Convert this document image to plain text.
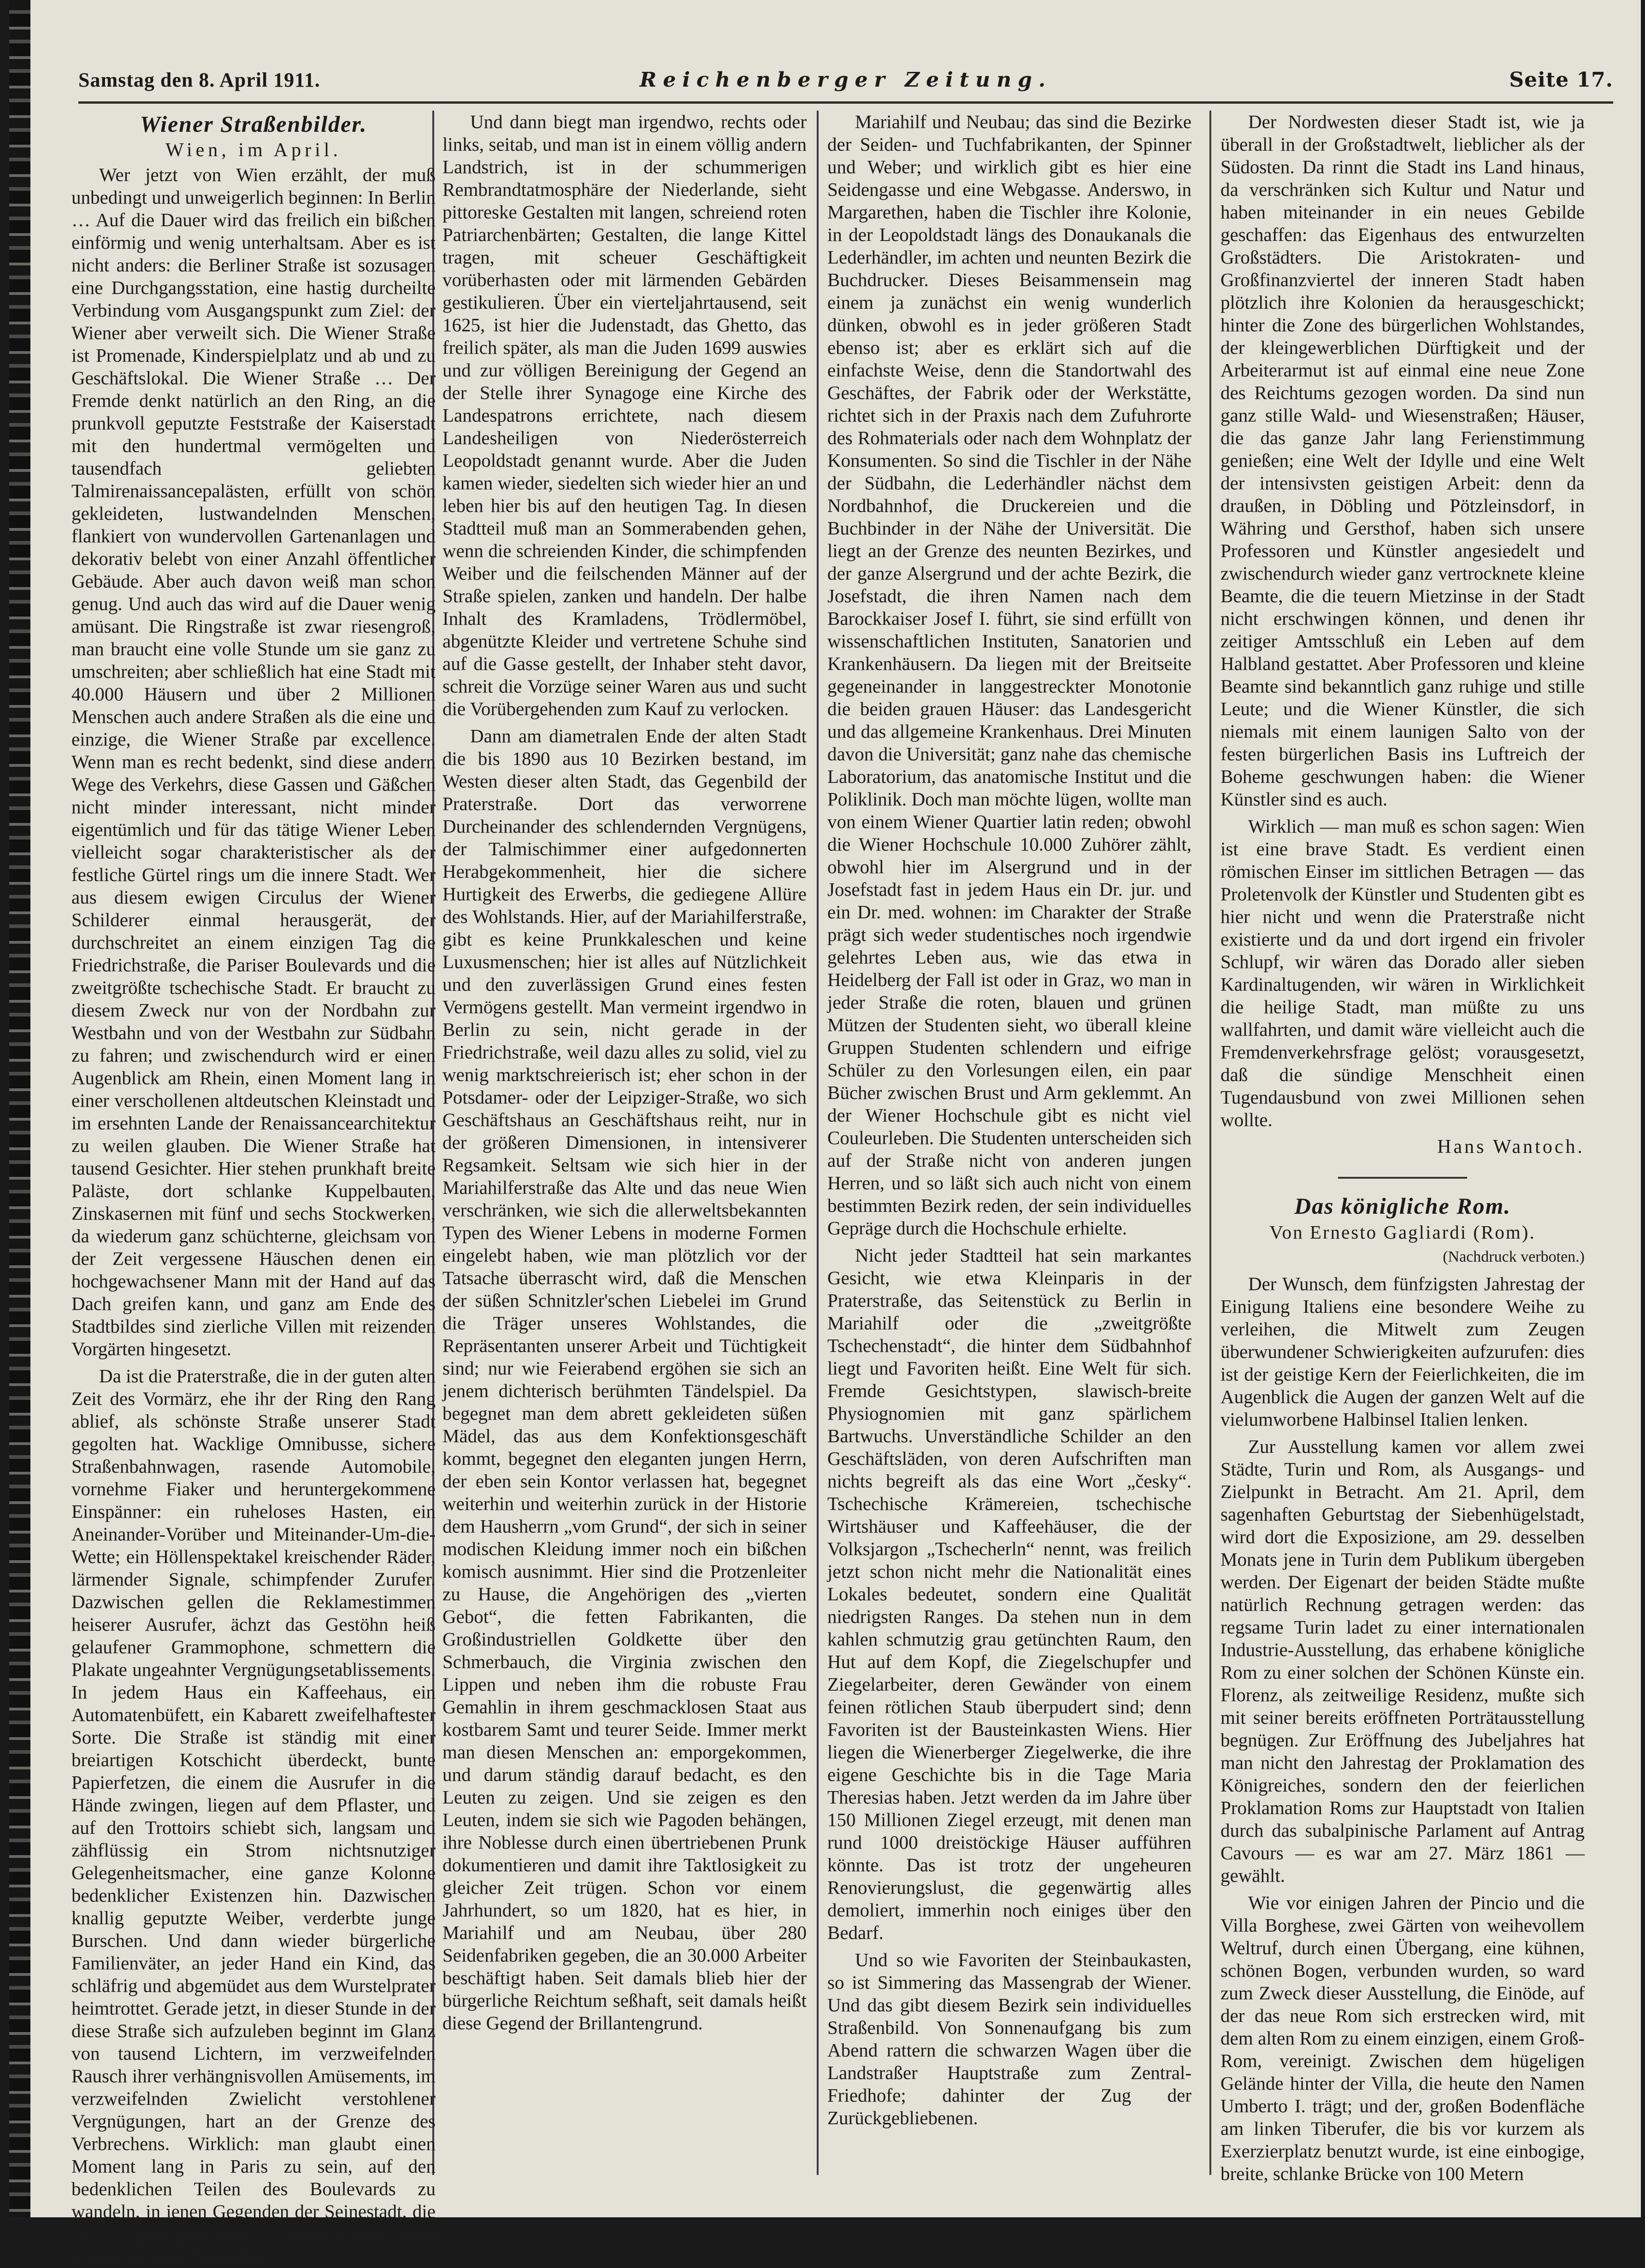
Samstag den 8. April 1911.	Reichenberger Zeitung.	Seite 17.
Wiener Straßenbilder.
Wien, im April.

Wer jetzt von Wien erzählt, der muß unbedingt und unweigerlich beginnen: In Berlin … Auf die Dauer wird das freilich ein bißchen einförmig und wenig unterhaltsam. Aber es ist nicht anders: die Berliner Straße ist sozusagen eine Durchgangsstation, eine hastig durcheilte Verbindung vom Ausgangspunkt zum Ziel: der Wiener aber verweilt sich. Die Wiener Straße ist Promenade, Kinderspielplatz und ab und zu Geschäftslokal. Die Wiener Straße … Der Fremde denkt natürlich an den Ring, an die prunkvoll geputzte Feststraße der Kaiserstadt mit den hundertmal vermögelten und tausendfach geliebten Talmirenaissancepalästen, erfüllt von schön gekleideten, lustwandelnden Menschen, flankiert von wundervollen Gartenanlagen und dekorativ belebt von einer Anzahl öffentlicher Gebäude. Aber auch davon weiß man schon genug. Und auch das wird auf die Dauer wenig amüsant. Die Ringstraße ist zwar riesengroß, man braucht eine volle Stunde um sie ganz zu umschreiten; aber schließlich hat eine Stadt mit 40.000 Häusern und über 2 Millionen Menschen auch andere Straßen als die eine und einzige, die Wiener Straße par excellence. Wenn man es recht bedenkt, sind diese andern Wege des Verkehrs, diese Gassen und Gäßchen nicht minder interessant, nicht minder eigentümlich und für das tätige Wiener Leben vielleicht sogar charakteristischer als der festliche Gürtel rings um die innere Stadt. Wer aus diesem ewigen Circulus der Wiener Schilderer einmal herausgerät, der durchschreitet an einem einzigen Tag die Friedrichstraße, die Pariser Boulevards und die zweitgrößte tschechische Stadt. Er braucht zu diesem Zweck nur von der Nordbahn zur Westbahn und von der Westbahn zur Südbahn zu fahren; und zwischendurch wird er einen Augenblick am Rhein, einen Moment lang in einer verschollenen altdeutschen Kleinstadt und im ersehnten Lande der Renaissancearchitektur zu weilen glauben. Die Wiener Straße hat tausend Gesichter. Hier stehen prunkhaft breite Paläste, dort schlanke Kuppelbauten, Zinskasernen mit fünf und sechs Stockwerken, da wiederum ganz schüchterne, gleichsam von der Zeit vergessene Häuschen denen ein hochgewachsener Mann mit der Hand auf das Dach greifen kann, und ganz am Ende des Stadtbildes sind zierliche Villen mit reizenden Vorgärten hingesetzt.

Da ist die Praterstraße, die in der guten alten Zeit des Vormärz, ehe ihr der Ring den Rang ablief, als schönste Straße unserer Stadt gegolten hat. Wacklige Omnibusse, sichere Straßenbahnwagen, rasende Automobile, vornehme Fiaker und heruntergekommene Einspänner: ein ruheloses Hasten, ein Aneinander-Vorüber und Miteinander-Um-die-Wette; ein Höllenspektakel kreischender Räder, lärmender Signale, schimpfender Zurufer. Dazwischen gellen die Reklamestimmen heiserer Ausrufer, ächzt das Gestöhn heiß gelaufener Grammophone, schmettern die Plakate ungeahnter Vergnügungsetablissements. In jedem Haus ein Kaffeehaus, ein Automatenbüfett, ein Kabarett zweifelhaftester Sorte. Die Straße ist ständig mit einer breiartigen Kotschicht überdeckt, bunte Papierfetzen, die einem die Ausrufer in die Hände zwingen, liegen auf dem Pflaster, und auf den Trottoirs schiebt sich, langsam und zähflüssig ein Strom nichtsnutziger Gelegenheitsmacher, eine ganze Kolonne bedenklicher Existenzen hin. Dazwischen knallig geputzte Weiber, verderbte junge Burschen. Und dann wieder bürgerliche Familienväter, an jeder Hand ein Kind, das schläfrig und abgemüdet aus dem Wurstelprater heimtrottet. Gerade jetzt, in dieser Stunde in der diese Straße sich aufzuleben beginnt im Glanz von tausend Lichtern, im verzweifelnden Rausch ihrer verhängnisvollen Amüsements, im verzweifelnden Zwielicht verstohlener Vergnügungen, hart an der Grenze des Verbrechens. Wirklich: man glaubt einen Moment lang in Paris zu sein, auf den bedenklichen Teilen des Boulevards zu wandeln, in jenen Gegenden der Seinestadt, die sie — pars pro toto — immer noch zum Schreckgespenst machten.

Und dann biegt man irgendwo, rechts oder links, seitab, und man ist in einem völlig andern Landstrich, ist in der schummerigen Rembrandtatmosphäre der Niederlande, sieht pittoreske Gestalten mit langen, schreiend roten Patriarchenbärten; Gestalten, die lange Kittel tragen, mit scheuer Geschäftigkeit vorüberhasten oder mit lärmenden Gebärden gestikulieren. Über ein vierteljahrtausend, seit 1625, ist hier die Judenstadt, das Ghetto, das freilich später, als man die Juden 1699 auswies und zur völligen Bereinigung der Gegend an der Stelle ihrer Synagoge eine Kirche des Landespatrons errichtete, nach diesem Landesheiligen von Niederösterreich Leopoldstadt genannt wurde. Aber die Juden kamen wieder, siedelten sich wieder hier an und leben hier bis auf den heutigen Tag. In diesen Stadtteil muß man an Sommerabenden gehen, wenn die schreienden Kinder, die schimpfenden Weiber und die feilschenden Männer auf der Straße spielen, zanken und handeln. Der halbe Inhalt des Kramladens, Trödlermöbel, abgenützte Kleider und vertretene Schuhe sind auf die Gasse gestellt, der Inhaber steht davor, schreit die Vorzüge seiner Waren aus und sucht die Vorübergehenden zum Kauf zu verlocken.

Dann am diametralen Ende der alten Stadt die bis 1890 aus 10 Bezirken bestand, im Westen dieser alten Stadt, das Gegenbild der Praterstraße. Dort das verworrene Durcheinander des schlendernden Vergnügens, der Talmischimmer einer aufgedonnerten Herabgekommenheit, hier die sichere Hurtigkeit des Erwerbs, die gediegene Allüre des Wohlstands. Hier, auf der Mariahilferstraße, gibt es keine Prunkkaleschen und keine Luxusmenschen; hier ist alles auf Nützlichkeit und den zuverlässigen Grund eines festen Vermögens gestellt. Man vermeint irgendwo in Berlin zu sein, nicht gerade in der Friedrichstraße, weil dazu alles zu solid, viel zu wenig marktschreierisch ist; eher schon in der Potsdamer- oder der Leipziger-Straße, wo sich Geschäftshaus an Geschäftshaus reiht, nur in der größeren Dimensionen, in intensiverer Regsamkeit. Seltsam wie sich hier in der Mariahilferstraße das Alte und das neue Wien verschränken, wie sich die allerweltsbekannten Typen des Wiener Lebens in moderne Formen eingelebt haben, wie man plötzlich vor der Tatsache überrascht wird, daß die Menschen der süßen Schnitzler'schen Liebelei im Grund die Träger unseres Wohlstandes, die Repräsentanten unserer Arbeit und Tüchtigkeit sind; nur wie Feierabend ergöhen sie sich an jenem dichterisch berühmten Tändelspiel. Da begegnet man dem abrett gekleideten süßen Mädel, das aus dem Konfektionsgeschäft kommt, begegnet den eleganten jungen Herrn, der eben sein Kontor verlassen hat, begegnet weiterhin und weiterhin zurück in der Historie dem Hausherrn „vom Grund“, der sich in seiner modischen Kleidung immer noch ein bißchen komisch ausnimmt. Hier sind die Protzenleiter zu Hause, die Angehörigen des „vierten Gebot“, die fetten Fabrikanten, die Großindustriellen Goldkette über den Schmerbauch, die Virginia zwischen den Lippen und neben ihm die robuste Frau Gemahlin in ihrem geschmacklosen Staat aus kostbarem Samt und teurer Seide. Immer merkt man diesen Menschen an: emporgekommen, und darum ständig darauf bedacht, es den Leuten zu zeigen. Und sie zeigen es den Leuten, indem sie sich wie Pagoden behängen, ihre Noblesse durch einen übertriebenen Prunk dokumentieren und damit ihre Taktlosigkeit zu gleicher Zeit trügen. Schon vor einem Jahrhundert, so um 1820, hat es hier, in Mariahilf und am Neubau, über 280 Seidenfabriken gegeben, die an 30.000 Arbeiter beschäftigt haben. Seit damals blieb hier der bürgerliche Reichtum seßhaft, seit damals heißt diese Gegend der Brillantengrund.

Mariahilf und Neubau; das sind die Bezirke der Seiden- und Tuchfabrikanten, der Spinner und Weber; und wirklich gibt es hier eine Seidengasse und eine Webgasse. Anderswo, in Margarethen, haben die Tischler ihre Kolonie, in der Leopoldstadt längs des Donaukanals die Lederhändler, im achten und neunten Bezirk die Buchdrucker. Dieses Beisammensein mag einem ja zunächst ein wenig wunderlich dünken, obwohl es in jeder größeren Stadt ebenso ist; aber es erklärt sich auf die einfachste Weise, denn die Standortwahl des Geschäftes, der Fabrik oder der Werkstätte, richtet sich in der Praxis nach dem Zufuhrorte des Rohmaterials oder nach dem Wohnplatz der Konsumenten. So sind die Tischler in der Nähe der Südbahn, die Lederhändler nächst dem Nordbahnhof, die Druckereien und die Buchbinder in der Nähe der Universität. Die liegt an der Grenze des neunten Bezirkes, und der ganze Alsergrund und der achte Bezirk, die Josefstadt, die ihren Namen nach dem Barockkaiser Josef I. führt, sie sind erfüllt von wissenschaftlichen Instituten, Sanatorien und Krankenhäusern. Da liegen mit der Breitseite gegeneinander in langgestreckter Monotonie die beiden grauen Häuser: das Landesgericht und das allgemeine Krankenhaus. Drei Minuten davon die Universität; ganz nahe das chemische Laboratorium, das anatomische Institut und die Poliklinik. Doch man möchte lügen, wollte man von einem Wiener Quartier latin reden; obwohl die Wiener Hochschule 10.000 Zuhörer zählt, obwohl hier im Alsergrund und in der Josefstadt fast in jedem Haus ein Dr. jur. und ein Dr. med. wohnen: im Charakter der Straße prägt sich weder studentisches noch irgendwie gelehrtes Leben aus, wie das etwa in Heidelberg der Fall ist oder in Graz, wo man in jeder Straße die roten, blauen und grünen Mützen der Studenten sieht, wo überall kleine Gruppen Studenten schlendern und eifrige Schüler zu den Vorlesungen eilen, ein paar Bücher zwischen Brust und Arm geklemmt. An der Wiener Hochschule gibt es nicht viel Couleurleben. Die Studenten unterscheiden sich auf der Straße nicht von anderen jungen Herren, und so läßt sich auch nicht von einem bestimmten Bezirk reden, der sein individuelles Gepräge durch die Hochschule erhielte.

Nicht jeder Stadtteil hat sein markantes Gesicht, wie etwa Kleinparis in der Praterstraße, das Seitenstück zu Berlin in Mariahilf oder die „zweitgrößte Tschechenstadt“, die hinter dem Südbahnhof liegt und Favoriten heißt. Eine Welt für sich. Fremde Gesichtstypen, slawisch-breite Physiognomien mit ganz spärlichem Bartwuchs. Unverständliche Schilder an den Geschäftsläden, von deren Aufschriften man nichts begreift als das eine Wort „česky“. Tschechische Krämereien, tschechische Wirtshäuser und Kaffeehäuser, die der Volksjargon „Tschecherln“ nennt, was freilich jetzt schon nicht mehr die Nationalität eines Lokales bedeutet, sondern eine Qualität niedrigsten Ranges. Da stehen nun in dem kahlen schmutzig grau getünchten Raum, den Hut auf dem Kopf, die Ziegelschupfer und Ziegelarbeiter, deren Gewänder von einem feinen rötlichen Staub überpudert sind; denn Favoriten ist der Bausteinkasten Wiens. Hier liegen die Wienerberger Ziegelwerke, die ihre eigene Geschichte bis in die Tage Maria Theresias haben. Jetzt werden da im Jahre über 150 Millionen Ziegel erzeugt, mit denen man rund 1000 dreistöckige Häuser aufführen könnte. Das ist trotz der ungeheuren Renovierungslust, die gegenwärtig alles demoliert, immerhin noch einiges über den Bedarf.

Und so wie Favoriten der Steinbaukasten, so ist Simmering das Massengrab der Wiener. Und das gibt diesem Bezirk sein individuelles Straßenbild. Von Sonnenaufgang bis zum Abend rattern die schwarzen Wagen über die Landstraßer Hauptstraße zum Zentral-Friedhofe; dahinter der Zug der Zurückgebliebenen.

Der Nordwesten dieser Stadt ist, wie ja überall in der Großstadtwelt, lieblicher als der Südosten. Da rinnt die Stadt ins Land hinaus, da verschränken sich Kultur und Natur und haben miteinander in ein neues Gebilde geschaffen: das Eigenhaus des entwurzelten Großstädters. Die Aristokraten- und Großfinanzviertel der inneren Stadt haben plötzlich ihre Kolonien da herausgeschickt; hinter die Zone des bürgerlichen Wohlstandes, der kleingewerblichen Dürftigkeit und der Arbeiterarmut ist auf einmal eine neue Zone des Reichtums gezogen worden. Da sind nun ganz stille Wald- und Wiesenstraßen; Häuser, die das ganze Jahr lang Ferienstimmung genießen; eine Welt der Idylle und eine Welt der intensivsten geistigen Arbeit: denn da draußen, in Döbling und Pötzleinsdorf, in Währing und Gersthof, haben sich unsere Professoren und Künstler angesiedelt und zwischendurch wieder ganz vertrocknete kleine Beamte, die die teuern Mietzinse in der Stadt nicht erschwingen können, und denen ihr zeitiger Amtsschluß ein Leben auf dem Halbland gestattet. Aber Professoren und kleine Beamte sind bekanntlich ganz ruhige und stille Leute; und die Wiener Künstler, die sich niemals mit einem launigen Salto von der festen bürgerlichen Basis ins Luftreich der Boheme geschwungen haben: die Wiener Künstler sind es auch.

Wirklich — man muß es schon sagen: Wien ist eine brave Stadt. Es verdient einen römischen Einser im sittlichen Betragen — das Proletenvolk der Künstler und Studenten gibt es hier nicht und wenn die Praterstraße nicht existierte und da und dort irgend ein frivoler Schlupf, wir wären das Dorado aller sieben Kardinaltugenden, wir wären in Wirklichkeit die heilige Stadt, man müßte zu uns wallfahrten, und damit wäre vielleicht auch die Fremdenverkehrsfrage gelöst; vorausgesetzt, daß die sündige Menschheit einen Tugendausbund von zwei Millionen sehen wollte.

Hans Wantoch.
Das königliche Rom.
Von Ernesto Gagliardi (Rom).
(Nachdruck verboten.)

Der Wunsch, dem fünfzigsten Jahrestag der Einigung Italiens eine besondere Weihe zu verleihen, die Mitwelt zum Zeugen überwundener Schwierigkeiten aufzurufen: dies ist der geistige Kern der Feierlichkeiten, die im Augenblick die Augen der ganzen Welt auf die vielumworbene Halbinsel Italien lenken.

Zur Ausstellung kamen vor allem zwei Städte, Turin und Rom, als Ausgangs- und Zielpunkt in Betracht. Am 21. April, dem sagenhaften Geburtstag der Siebenhügelstadt, wird dort die Exposizione, am 29. desselben Monats jene in Turin dem Publikum übergeben werden. Der Eigenart der beiden Städte mußte natürlich Rechnung getragen werden: das regsame Turin ladet zu einer internationalen Industrie-Ausstellung, das erhabene königliche Rom zu einer solchen der Schönen Künste ein. Florenz, als zeitweilige Residenz, mußte sich mit seiner bereits eröffneten Porträtausstellung begnügen. Zur Eröffnung des Jubeljahres hat man nicht den Jahrestag der Proklamation des Königreiches, sondern den der feierlichen Proklamation Roms zur Hauptstadt von Italien durch das subalpinische Parlament auf Antrag Cavours — es war am 27. März 1861 — gewählt.

Wie vor einigen Jahren der Pincio und die Villa Borghese, zwei Gärten von weihevollem Weltruf, durch einen Übergang, eine kühnen, schönen Bogen, verbunden wurden, so ward zum Zweck dieser Ausstellung, die Einöde, auf der das neue Rom sich erstrecken wird, mit dem alten Rom zu einem einzigen, einem Groß-Rom, vereinigt. Zwischen dem hügeligen Gelände hinter der Villa, die heute den Namen Umberto I. trägt; und der, großen Bodenfläche am linken Tiberufer, die bis vor kurzem als Exerzierplatz benutzt wurde, ist eine einbogige, breite, schlanke Brücke von 100 Metern
